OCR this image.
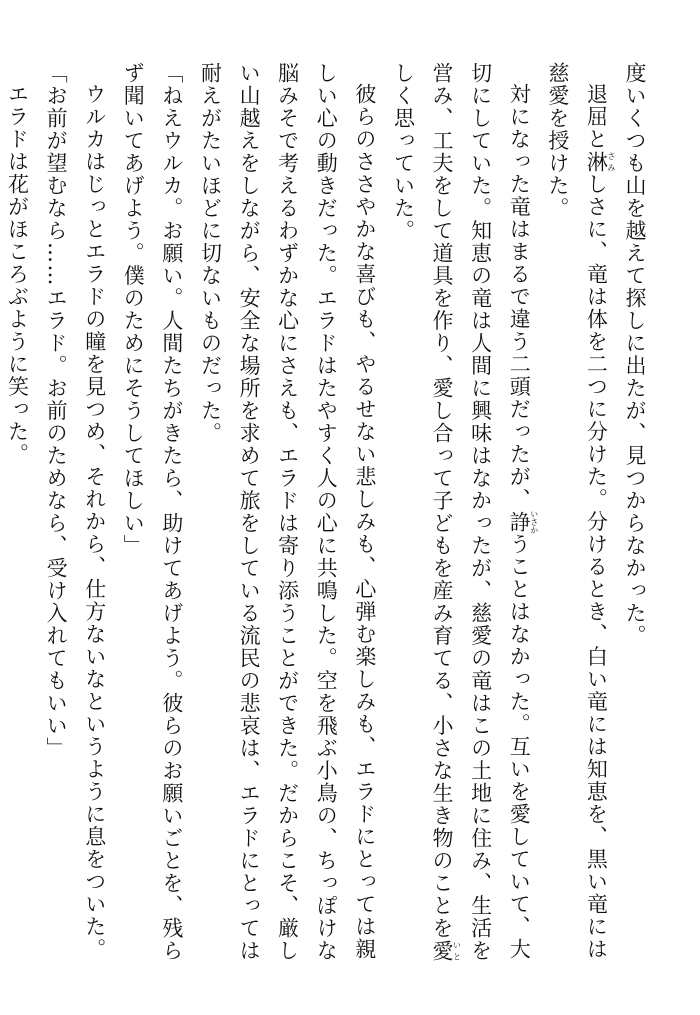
度いくつも山を越えて探しに出たが、見つからなかった。

退屈と淋さみしさに、竜は体を二つに分けた。分けるとき、白い竜には知恵を、黒い竜には慈愛を授けた。

対になった竜はまるで違う二頭だったが、諍いさかうことはなかった。互いを愛していて、大切にしていた。知恵の竜は人間に興味はなかったが、慈愛の竜はこの土地に住み、生活を営み、工夫をして道具を作り、愛し合って子どもを産み育てる、小さな生き物のことを愛いとしく思っていた。

彼らのささやかな喜びも、やるせない悲しみも、心弾む楽しみも、エラドにとっては親しい心の動きだった。エラドはたやすく人の心に共鳴した。空を飛ぶ小鳥の、ちっぽけな脳みそで考えるわずかな心にさえも、エラドは寄り添うことができた。だからこそ、厳しい山越えをしながら、安全な場所を求めて旅をしている流民の悲哀は、エラドにとっては耐えがたいほどに切ないものだった。

「ねえウルカ。お願い。人間たちがきたら、助けてあげよう。彼らのお願いごとを、残らず聞いてあげよう。僕のためにそうしてほしい」

ウルカはじっとエラドの瞳を見つめ、それから、仕方ないなというように息をついた。

「お前が望むなら……エラド。お前のためなら、受け入れてもいい」

エラドは花がほころぶように笑った。
